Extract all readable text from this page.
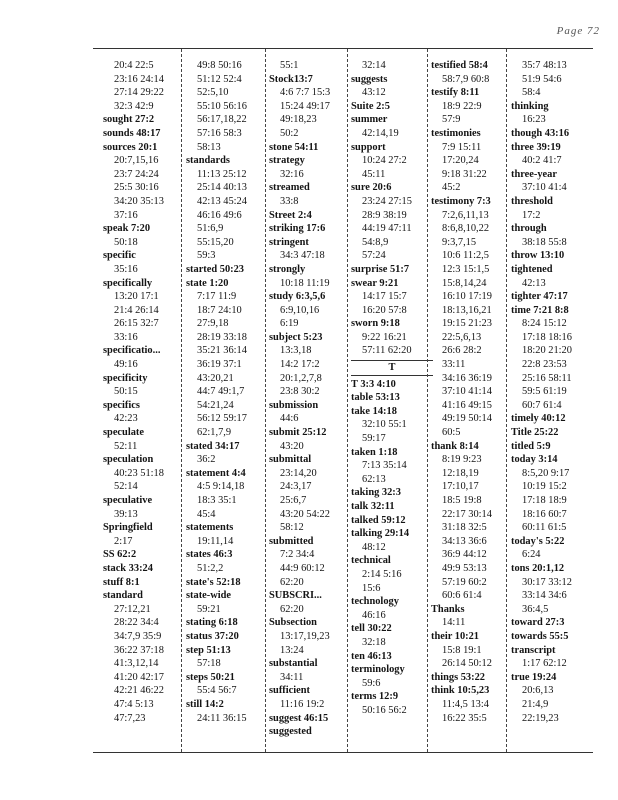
Page 72
20:4 22:5
23:16 24:14
27:14 29:22
32:3 42:9
sought 27:2
sounds 48:17
sources 20:1
20:7,15,16
23:7 24:24
25:5 30:16
34:20 35:13
37:16
speak 7:20
50:18
specific
35:16
specifically
13:20 17:1
21:4 26:14
26:15 32:7
33:16
specificatio...
49:16
specificity
50:15
specifics
42:23
speculate
52:11
speculation
40:23 51:18
52:14
speculative
39:13
Springfield
2:17
SS 62:2
stack 33:24
stuff 8:1
standard
27:12,21
28:22 34:4
34:7,9 35:9
36:22 37:18
41:3,12,14
41:20 42:17
42:21 46:22
47:4 5:13
47:7,23
49:8 50:16
51:12 52:4
52:5,10
55:10 56:16
56:17,18,22
57:16 58:3
58:13
standards
11:13 25:12
25:14 40:13
42:13 45:24
46:16 49:6
51:6,9
55:15,20
59:3
started 50:23
state 1:20
7:17 11:9
18:7 24:10
27:9,18
28:19 33:18
35:21 36:14
36:19 37:1
43:20,21
44:7 49:1,7
54:21,24
56:12 59:17
62:1,7,9
stated 34:17
36:2
statement 4:4
4:5 9:14,18
18:3 35:1
45:4
statements
19:11,14
states 46:3
51:2,2
state's 52:18
state-wide
59:21
stating 6:18
status 37:20
step 51:13
57:18
steps 50:21
55:4 56:7
still 14:2
24:11 36:15
55:1
Stock13:7
4:6 7:7 15:3
15:24 49:17
49:18,23
50:2
stone 54:11
strategy
32:16
streamed
33:8
Street 2:4
striking 17:6
stringent
34:3 47:18
strongly
10:18 11:19
study 6:3,5,6
6:9,10,16
6:19
subject 5:23
13:3,18
14:2 17:2
20:1,2,7,8
23:8 30:2
submission
44:6
submit 25:12
43:20
submittal
23:14,20
24:3,17
25:6,7
43:20 54:22
58:12
submitted
7:2 34:4
44:9 60:12
62:20
SUBSCRI...
62:20
Subsection
13:17,19,23
13:24
substantial
34:11
sufficient
11:16 19:2
suggest 46:15
suggested
32:14
suggests
43:12
Suite 2:5
summer
42:14,19
support
10:24 27:2
45:11
sure 20:6
23:24 27:15
28:9 38:19
44:19 47:11
54:8,9
57:24
surprise 51:7
swear 9:21
14:17 15:7
16:20 57:8
sworn 9:18
9:22 16:21
57:11 62:20
T
T 3:3 4:10
table 53:13
take 14:18
32:10 55:1
59:17
taken 1:18
7:13 35:14
62:13
taking 32:3
talk 32:11
talked 59:12
talking 29:14
48:12
technical
2:14 5:16
15:6
technology
46:16
tell 30:22
32:18
ten 46:13
terminology
59:6
terms 12:9
50:16 56:2
testified 58:4
58:7,9 60:8
testify 8:11
18:9 22:9
57:9
testimonies
7:9 15:11
17:20,24
9:18 31:22
45:2
testimony 7:3
7:2,6,11,13
8:6,8,10,22
9:3,7,15
10:6 11:2,5
12:3 15:1,5
15:8,14,24
16:10 17:19
18:13,16,21
19:15 21:23
22:5,6,13
26:6 28:2
33:11
34:16 36:19
37:10 41:14
41:16 49:15
49:19 50:14
60:5
thank 8:14
8:19 9:23
12:18,19
17:10,17
18:5 19:8
22:17 30:14
31:18 32:5
34:13 36:6
36:9 44:12
49:9 53:13
57:19 60:2
60:6 61:4
Thanks
14:11
their 10:21
15:8 19:1
26:14 50:12
things 53:22
think 10:5,23
11:4,5 13:4
16:22 35:5
35:7 48:13
51:9 54:6
58:4
thinking
16:23
though 43:16
three 39:19
40:2 41:7
three-year
37:10 41:4
threshold
17:2
through
38:18 55:8
throw 13:10
tightened
42:13
tighter 47:17
time 7:21 8:8
8:24 15:12
17:18 18:16
18:20 21:20
22:8 23:53
25:16 58:11
59:5 61:19
60:7 61:4
timely 40:12
Title 25:22
titled 5:9
today 3:14
8:5,20 9:17
10:19 15:2
17:18 18:9
18:16 60:7
60:11 61:5
today's 5:22
6:24
tons 20:1,12
30:17 33:12
33:14 34:6
36:4,5
toward 27:3
towards 55:5
transcript
1:17 62:12
true 19:24
20:6,13
21:4,9
22:19,23
